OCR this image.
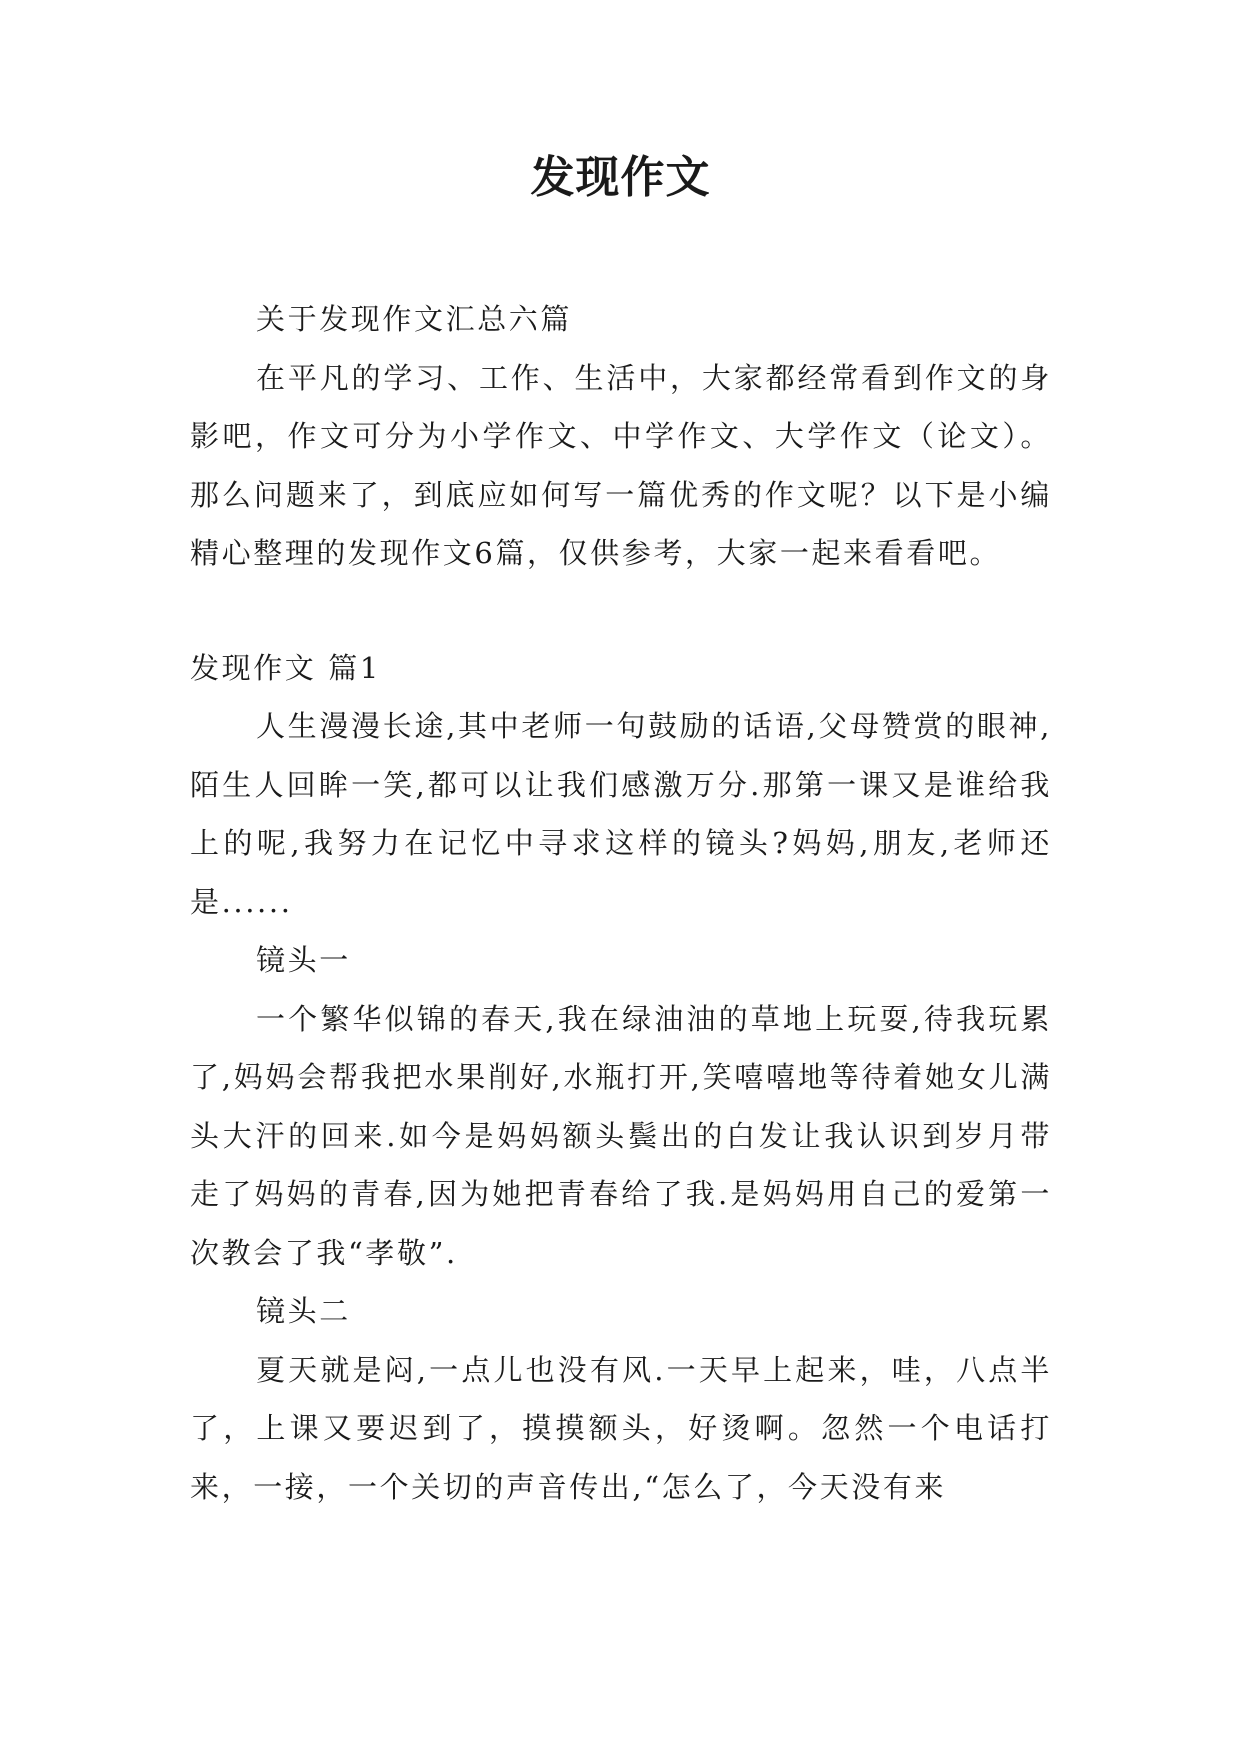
发现作文

关于发现作文汇总六篇

在平凡的学习、工作、生活中，大家都经常看到作文的身影吧，作文可分为小学作文、中学作文、大学作文（论文）。那么问题来了，到底应如何写一篇优秀的作文呢？以下是小编精心整理的发现作文6篇，仅供参考，大家一起来看看吧。

发现作文 篇1

人生漫漫长途,其中老师一句鼓励的话语,父母赞赏的眼神,陌生人回眸一笑,都可以让我们感激万分.那第一课又是谁给我上的呢,我努力在记忆中寻求这样的镜头?妈妈,朋友,老师还是......

镜头一

一个繁华似锦的春天,我在绿油油的草地上玩耍,待我玩累了,妈妈会帮我把水果削好,水瓶打开,笑嘻嘻地等待着她女儿满头大汗的回来.如今是妈妈额头鬓出的白发让我认识到岁月带走了妈妈的青春,因为她把青春给了我.是妈妈用自己的爱第一次教会了我“孝敬”.

镜头二

夏天就是闷,一点儿也没有风.一天早上起来，哇，八点半了，上课又要迟到了，摸摸额头，好烫啊。忽然一个电话打来，一接，一个关切的声音传出,“怎么了，今天没有来
